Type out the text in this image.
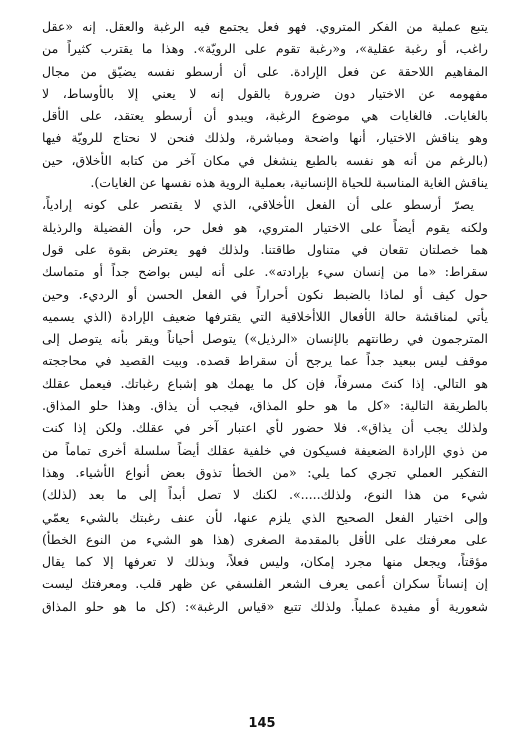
يتبع عملية من الفكر المتروي. فهو فعل يجتمع فيه الرغبة والعقل. إنه «عقل
راغب، أو رغبة عقلية»، و«رغبة تقوم على الرويّة». وهذا ما يقترب كثيراً من
المفاهيم اللاحقة عن فعل الإرادة. على أن أرسطو نفسه يضيّق من مجال
مفهومه عن الاختيار دون ضرورة بالقول إنه لا يعني إلا بالأوساط، لا
بالغايات. فالغايات هي موضوع الرغبة، ويبدو أن أرسطو يعتقد، على الأقل
وهو يناقش الاختيار، أنها واضحة ومباشرة، ولذلك فنحن لا نحتاج للرويّة فيها
(بالرغم من أنه هو نفسه بالطبع ينشغل في مكان آخر من كتابه الأخلاق، حين
يناقش الغاية المناسبة للحياة الإنسانية، بعملية الروية هذه نفسها عن الغايات).
يصرّ أرسطو على أن الفعل الأخلاقي، الذي لا يقتصر على كونه إرادياً،
ولكنه يقوم أيضاً على الاختيار المتروي، هو فعل حر، وأن الفضيلة والرذيلة
هما خصلتان تقعان في متناول طاقتنا. ولذلك فهو يعترض بقوة على قول
سقراط: «ما من إنسان سيء بإرادته». على أنه ليس بواضح جداً أو متماسك
حول كيف أو لماذا بالضبط نكون أحراراً في الفعل الحسن أو الرديء. وحين
يأتي لمناقشة حالة الأفعال اللاأخلاقية التي يقترفها ضعيف الإرادة (الذي يسميه
المترجمون في رطانتهم بالإنسان «الرذيل») يتوصل أحياناً ويقر بأنه يتوصل إلى
موقف ليس ببعيد جداً عما يرجح أن سقراط قصده. وبيت القصيد في محاججته
هو التالي. إذا كنتَ مسرفاً، فإن كل ما يهمك هو إشباع رغباتك. فيعمل عقلك
بالطريقة التالية: «كل ما هو حلو المذاق، فيجب أن يذاق. وهذا حلو المذاق.
ولذلك يجب أن يذاق». فلا حضور لأي اعتبار آخر في عقلك. ولكن إذا كنت
من ذوي الإرادة الضعيفة فسيكون في خلفية عقلك أيضاً سلسلة أخرى تماماً من
التفكير العملي تجري كما يلي: «من الخطأ تذوق بعض أنواع الأشياء. وهذا
شيء من هذا النوع، ولذلك.....». لكنك لا تصل أبداً إلى ما بعد (لذلك)
وإلى اختيار الفعل الصحيح الذي يلزم عنها، لأن عنف رغبتك بالشيء يعمّي
على معرفتك على الأقل بالمقدمة الصغرى (هذا هو الشيء من النوع الخطأ)
مؤقتاً، ويجعل منها مجرد إمكان، وليس فعلاً، وبذلك لا تعرفها إلا كما يقال
إن إنساناً سكران أعمى يعرف الشعر الفلسفي عن ظهر قلب. ومعرفتك ليست
شعورية أو مفيدة عملياً. ولذلك تتبع «قياس الرغبة»: (كل ما هو حلو المذاق
145
